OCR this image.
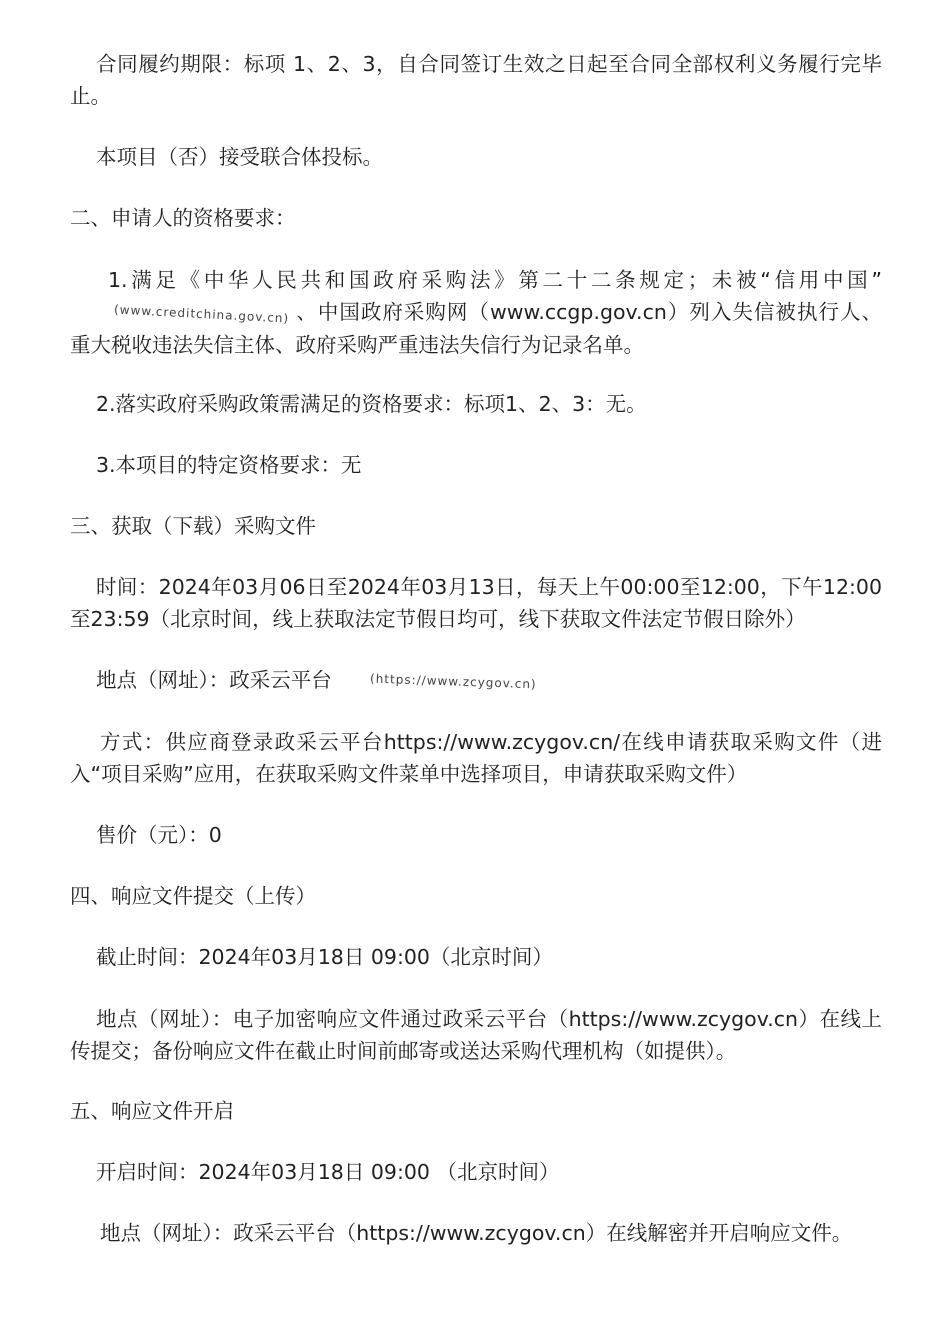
合同履约期限：标项 1、2、3，自合同签订生效之日起至合同全部权利义务履行完毕止。

本项目（否）接受联合体投标。

二、申请人的资格要求：

1.满足《中华人民共和国政府采购法》第二十二条规定；未被“信用中国”(www.creditchina.gov.cn) 、中国政府采购网（www.ccgp.gov.cn）列入失信被执行人、重大税收违法失信主体、政府采购严重违法失信行为记录名单。

2.落实政府采购政策需满足的资格要求：标项1、2、3：无。

3.本项目的特定资格要求：无

三、获取（下载）采购文件

时间：2024年03月06日至2024年03月13日，每天上午00:00至12:00，下午12:00至23:59（北京时间，线上获取法定节假日均可，线下获取文件法定节假日除外）

地点（网址）：政采云平台	(https://www.zcygov.cn)

方式：供应商登录政采云平台https://www.zcygov.cn/在线申请获取采购文件（进入“项目采购”应用，在获取采购文件菜单中选择项目，申请获取采购文件）

售价（元）：0

四、响应文件提交（上传）

截止时间：2024年03月18日 09:00（北京时间）

地点（网址）：电子加密响应文件通过政采云平台（https://www.zcygov.cn）在线上传提交；备份响应文件在截止时间前邮寄或送达采购代理机构（如提供）。

五、响应文件开启

开启时间：2024年03月18日 09:00 （北京时间）

地点（网址）：政采云平台（https://www.zcygov.cn）在线解密并开启响应文件。
